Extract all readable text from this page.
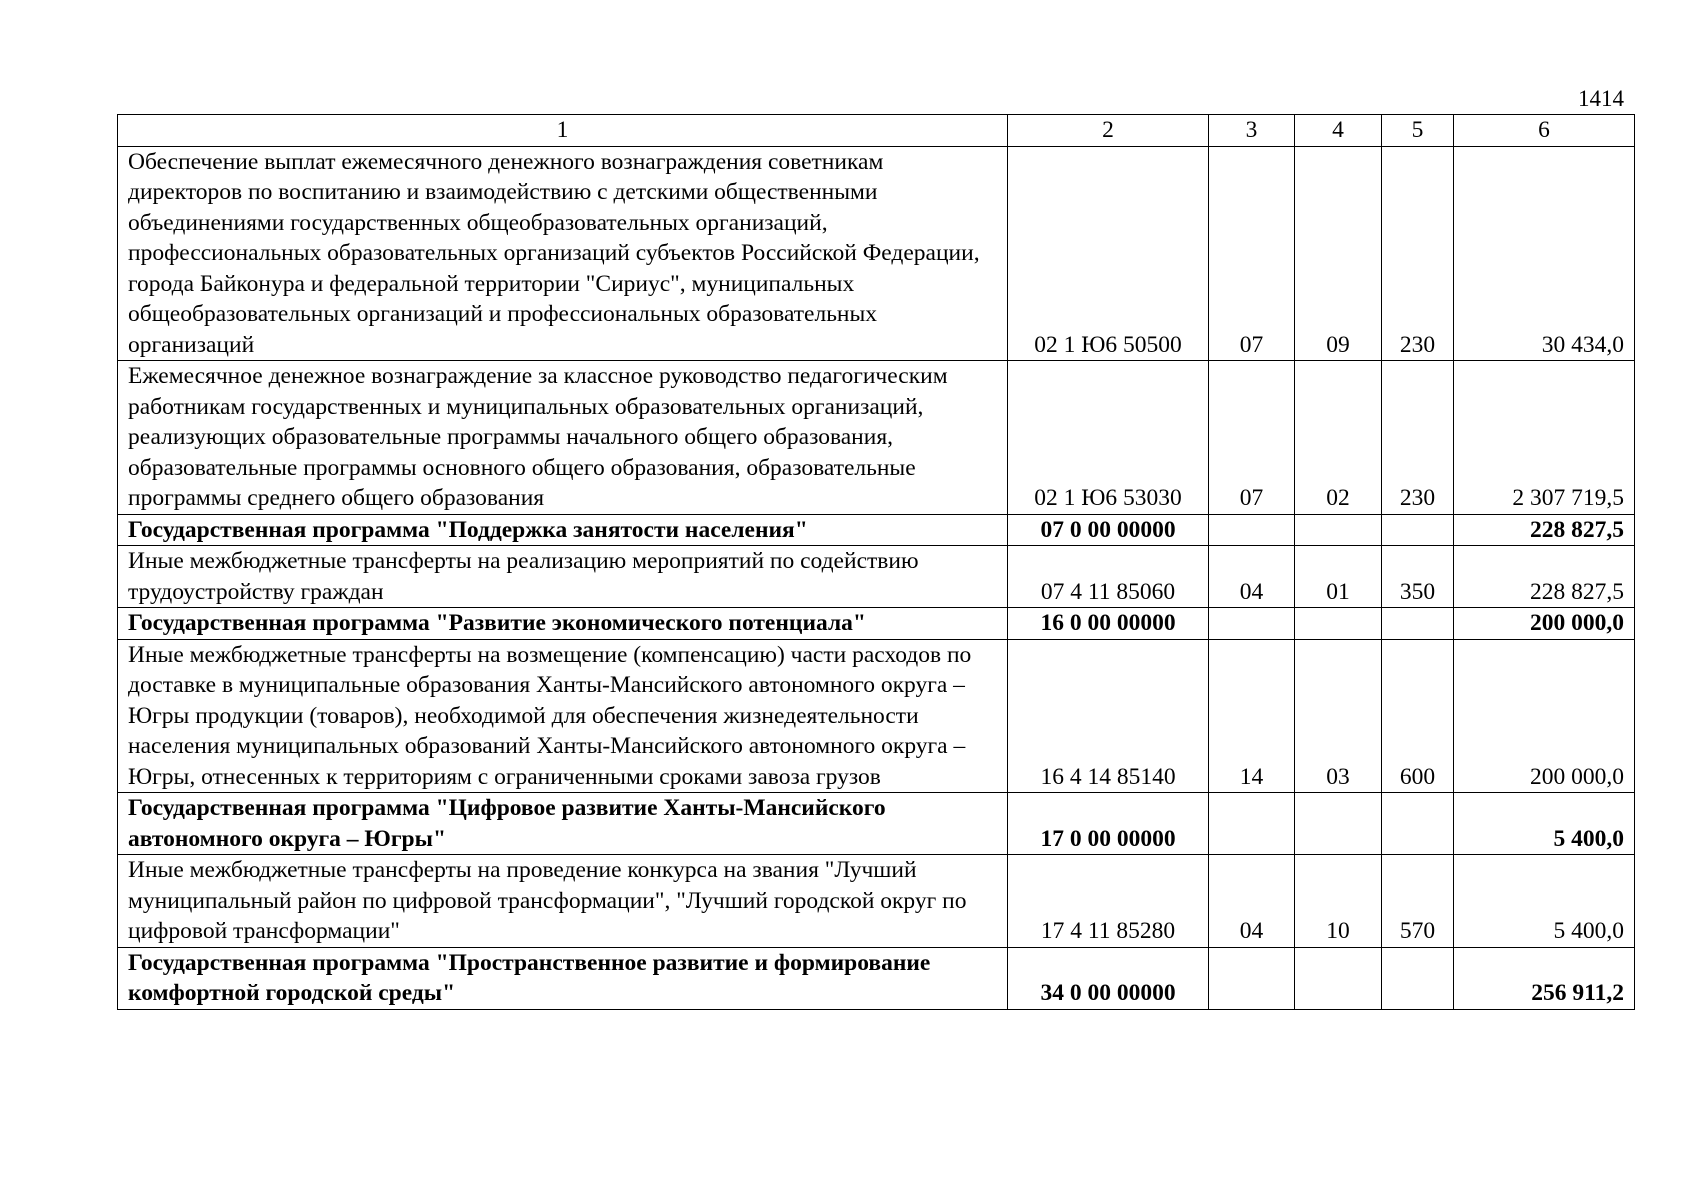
1414
1	2	3	4	5	6
Обеспечение выплат ежемесячного денежного вознаграждения советникам директоров по воспитанию и взаимодействию с детскими общественными объединениями государственных общеобразовательных организаций, профессиональных образовательных организаций субъектов Российской Федерации, города Байконура и федеральной территории "Сириус", муниципальных общеобразовательных организаций и профессиональных образовательных организаций	02 1 Ю6 50500	07	09	230	30 434,0
Ежемесячное денежное вознаграждение за классное руководство педагогическим работникам государственных и муниципальных образовательных организаций, реализующих образовательные программы начального общего образования, образовательные программы основного общего образования, образовательные программы среднего общего образования	02 1 Ю6 53030	07	02	230	2 307 719,5
Государственная программа "Поддержка занятости населения"	07 0 00 00000				228 827,5
Иные межбюджетные трансферты на реализацию мероприятий по содействию трудоустройству граждан	07 4 11 85060	04	01	350	228 827,5
Государственная программа "Развитие экономического потенциала"	16 0 00 00000				200 000,0
Иные межбюджетные трансферты на возмещение (компенсацию) части расходов по доставке в муниципальные образования Ханты-Мансийского автономного округа – Югры продукции (товаров), необходимой для обеспечения жизнедеятельности населения муниципальных образований Ханты-Мансийского автономного округа – Югры, отнесенных к территориям с ограниченными сроками завоза грузов	16 4 14 85140	14	03	600	200 000,0
Государственная программа "Цифровое развитие Ханты-Мансийского автономного округа – Югры"	17 0 00 00000				5 400,0
Иные межбюджетные трансферты на проведение конкурса на звания "Лучший муниципальный район по цифровой трансформации", "Лучший городской округ по цифровой трансформации"	17 4 11 85280	04	10	570	5 400,0
Государственная программа "Пространственное развитие и формирование комфортной городской среды"	34 0 00 00000				256 911,2
